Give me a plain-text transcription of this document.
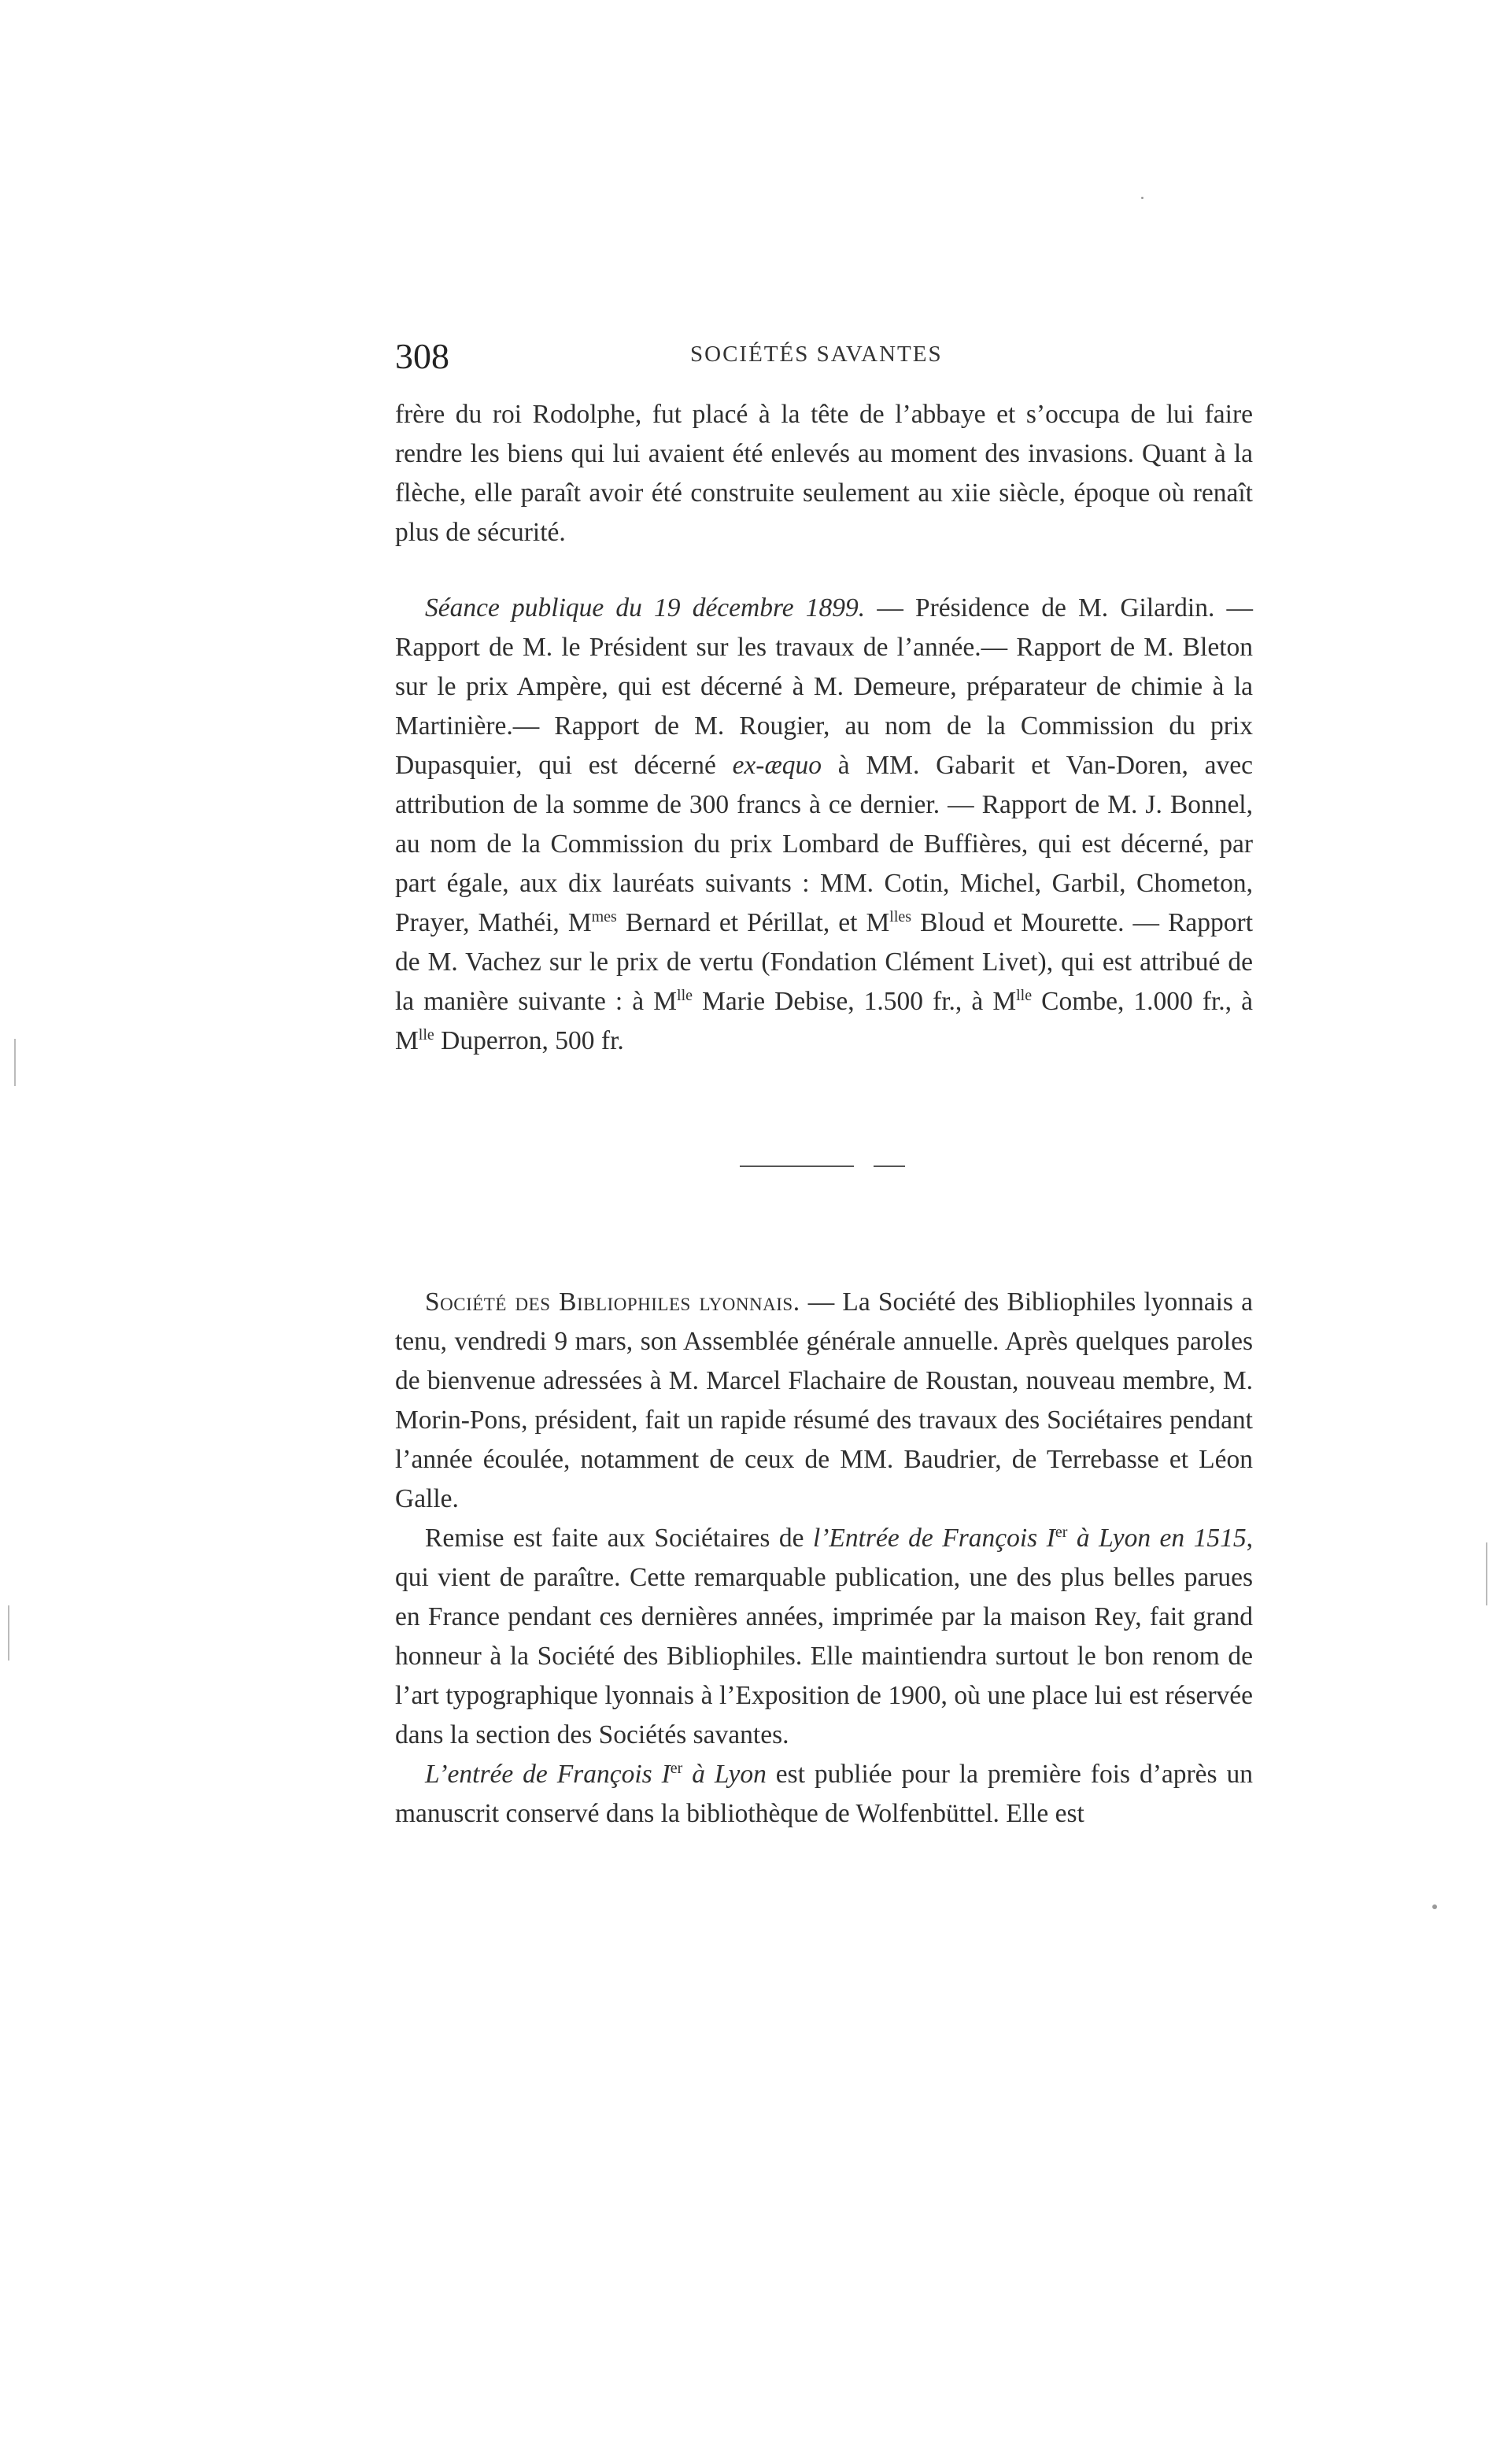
308	SOCIÉTÉS SAVANTES

frère du roi Rodolphe, fut placé à la tête de l’abbaye et s’occupa de lui faire rendre les biens qui lui avaient été enlevés au moment des invasions. Quant à la flèche, elle paraît avoir été construite seulement au xiie siècle, époque où renaît plus de sécurité.

Séance publique du 19 décembre 1899. — Présidence de M. Gilardin. — Rapport de M. le Président sur les travaux de l’année.— Rapport de M. Bleton sur le prix Ampère, qui est décerné à M. Demeure, préparateur de chimie à la Martinière.— Rapport de M. Rougier, au nom de la Commission du prix Dupasquier, qui est décerné ex-æquo à MM. Gabarit et Van-Doren, avec attribution de la somme de 300 francs à ce dernier. — Rapport de M. J. Bonnel, au nom de la Commission du prix Lombard de Buffières, qui est décerné, par part égale, aux dix lauréats suivants : MM. Cotin, Michel, Garbil, Chometon, Prayer, Mathéi, $M^{mes}$ Bernard et Périllat, et $M^{lles}$ Bloud et Mourette. — Rapport de M. Vachez sur le prix de vertu (Fondation Clément Livet), qui est attribué de la manière suivante : à $M^{lle}$ Marie Debise, 1.500 fr., à $M^{lle}$ Combe, 1.000 fr., à $M^{lle}$ Duperron, 500 fr.

Société des Bibliophiles lyonnais. — La Société des Bibliophiles lyonnais a tenu, vendredi 9 mars, son Assemblée générale annuelle. Après quelques paroles de bienvenue adressées à M. Marcel Flachaire de Roustan, nouveau membre, M. Morin-Pons, président, fait un rapide résumé des travaux des Sociétaires pendant l’année écoulée, notamment de ceux de MM. Baudrier, de Terrebasse et Léon Galle.

Remise est faite aux Sociétaires de l’Entrée de François Ier à Lyon en 1515, qui vient de paraître. Cette remarquable publication, une des plus belles parues en France pendant ces dernières années, imprimée par la maison Rey, fait grand honneur à la Société des Bibliophiles. Elle maintiendra surtout le bon renom de l’art typographique lyonnais à l’Exposition de 1900, où une place lui est réservée dans la section des Sociétés savantes.

L’entrée de François Ier à Lyon est publiée pour la première fois d’après un manuscrit conservé dans la bibliothèque de Wolfenbüttel. Elle est
